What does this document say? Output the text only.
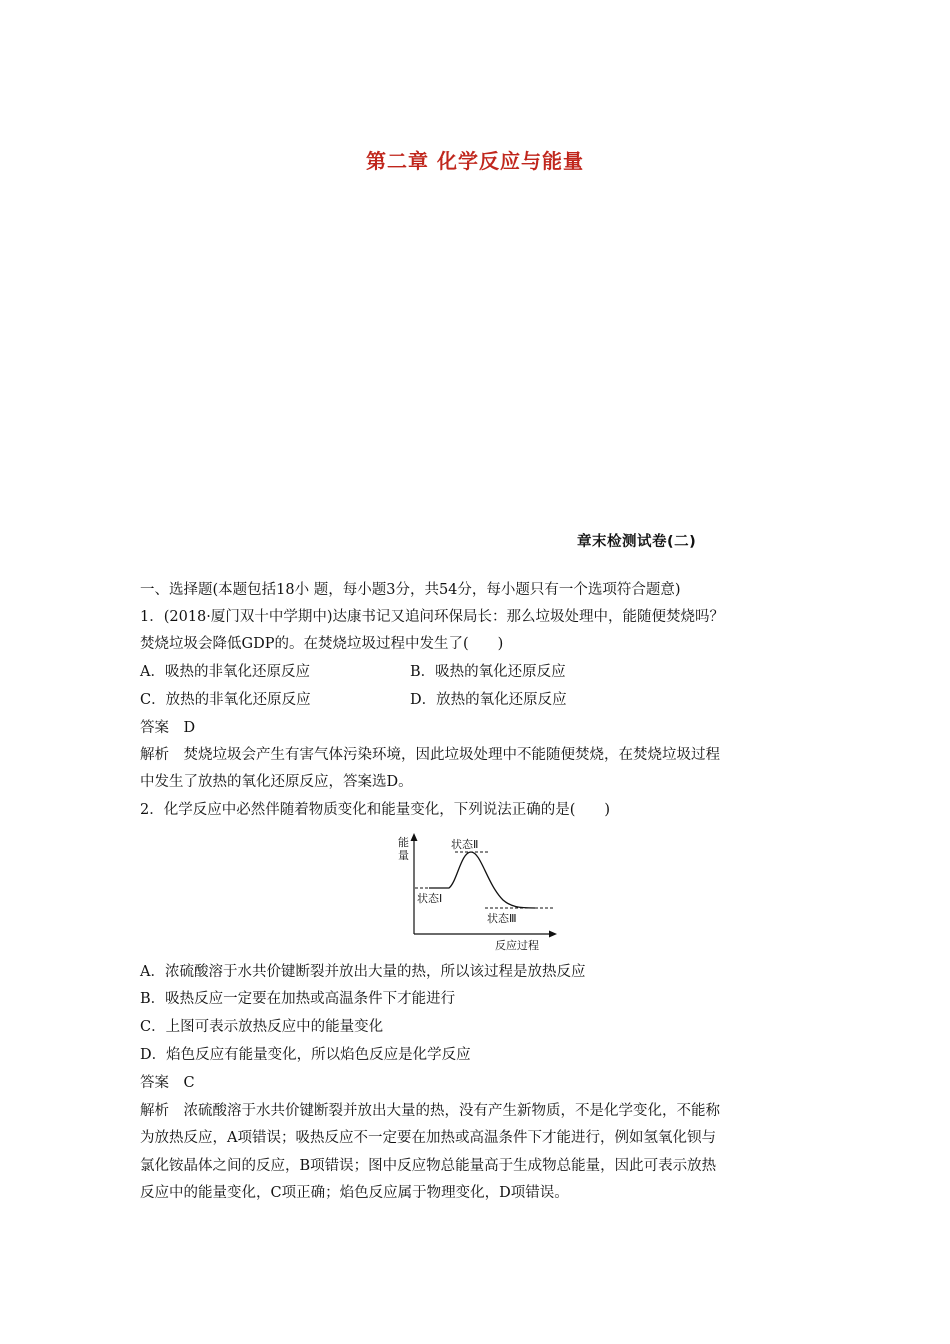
第二章 化学反应与能量
章末检测试卷(二)
一、选择题(本题包括18小 题，每小题3分，共54分，每小题只有一个选项符合题意)
1．(2018·厦门双十中学期中)达康书记又追问环保局长：那么垃圾处理中，能随便焚烧吗？
焚烧垃圾会降低GDP的。在焚烧垃圾过程中发生了(　　)
A．吸热的非氧化还原反应	B．吸热的氧化还原反应
C．放热的非氧化还原反应	D．放热的氧化还原反应
答案　D
解析　焚烧垃圾会产生有害气体污染环境，因此垃圾处理中不能随便焚烧，在焚烧垃圾过程
中发生了放热的氧化还原反应，答案选D。
2．化学反应中必然伴随着物质变化和能量变化，下列说法正确的是(　　)
能
量
状态Ⅱ
状态Ⅰ
状态Ⅲ
反应过程
A．浓硫酸溶于水共价键断裂并放出大量的热，所以该过程是放热反应
B．吸热反应一定要在加热或高温条件下才能进行
C．上图可表示放热反应中的能量变化
D．焰色反应有能量变化，所以焰色反应是化学反应
答案　C
解析　浓硫酸溶于水共价键断裂并放出大量的热，没有产生新物质，不是化学变化，不能称
为放热反应，A项错误；吸热反应不一定要在加热或高温条件下才能进行，例如氢氧化钡与
氯化铵晶体之间的反应，B项错误；图中反应物总能量高于生成物总能量，因此可表示放热
反应中的能量变化，C项正确；焰色反应属于物理变化，D项错误。
